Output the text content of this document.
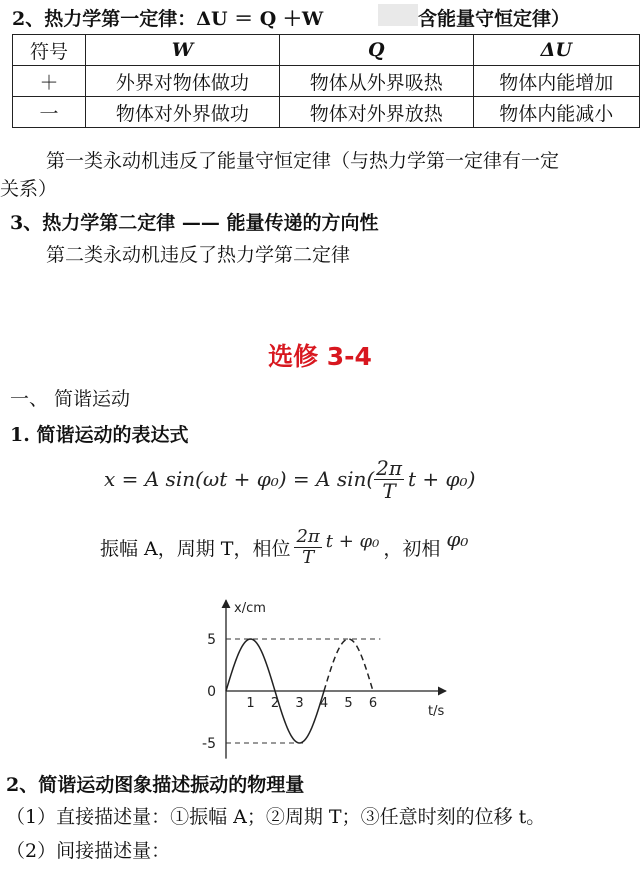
2、热力学第一定律：ΔU ＝ Q ＋W	含能量守恒定律）
符号	W	Q	ΔU
＋	外界对物体做功	物体从外界吸热	物体内能增加
一	物体对外界做功	物体对外界放热	物体内能减小
第一类永动机违反了能量守恒定律（与热力学第一定律有一定
关系）
3、热力学第二定律 —— 能量传递的方向性
第二类永动机违反了热力学第二定律
选修 3-4
一、 简谐运动
1. 简谐运动的表达式
x = A sin(ωt + φ₀) = A $\sin( \frac{2\pi}{T}$ t + φ₀)
振幅 A，周期 T，相位 $\frac{2\pi}{T}$ t + φ₀ ，初相 φ₀
x/cm
t/s
5
0
-5
1 2 3 4 5 6
2、简谐运动图象描述振动的物理量
（1）直接描述量：①振幅 A；②周期 T；③任意时刻的位移 t。
（2）间接描述量：
